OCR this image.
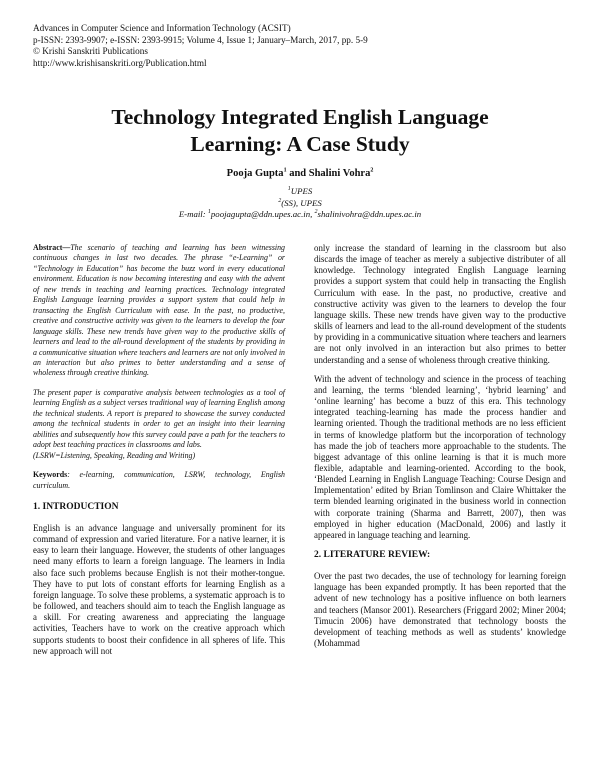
Advances in Computer Science and Information Technology (ACSIT)
p-ISSN: 2393-9907; e-ISSN: 2393-9915; Volume 4, Issue 1; January–March, 2017, pp. 5-9
© Krishi Sanskriti Publications
http://www.krishisanskriti.org/Publication.html
Technology Integrated English Language
Learning: A Case Study
Pooja Gupta$^1$ and Shalini Vohra$^2$
$^1$UPES
$^2$(SS), UPES
E-mail: $^1$poojagupta@ddn.upes.ac.in, $^2$shalinivohra@ddn.upes.ac.in

Abstract—The scenario of teaching and learning has been witnessing continuous changes in last two decades. The phrase “e-Learning” or “Technology in Education” has become the buzz word in every educational environment. Education is now becoming interesting and easy with the advent of new trends in teaching and learning practices. Technology integrated English Language learning provides a support system that could help in transacting the English Curriculum with ease. In the past, no productive, creative and constructive activity was given to the learners to develop the four language skills. These new trends have given way to the productive skills of learners and lead to the all-round development of the students by providing in a communicative situation where teachers and learners are not only involved in an interaction but also primes to better understanding and a sense of wholeness through creative thinking.

The present paper is comparative analysis between technologies as a tool of learning English as a subject verses traditional way of learning English among the technical students. A report is prepared to showcase the survey conducted among the technical students in order to get an insight into their learning abilities and subsequently how this survey could pave a path for the teachers to adopt best teaching practices in classrooms and labs.

(LSRW=Listening, Speaking, Reading and Writing)

Keywords: e-learning, communication, LSRW, technology, English curriculum.

1. INTRODUCTION

English is an advance language and universally prominent for its command of expression and varied literature. For a native learner, it is easy to learn their language. However, the students of other languages need many efforts to learn a foreign language. The learners in India also face such problems because English is not their mother-tongue. They have to put lots of constant efforts for learning English as a foreign language. To solve these problems, a systematic approach is to be followed, and teachers should aim to teach the English language as a skill. For creating awareness and appreciating the language activities, Teachers have to work on the creative approach which supports students to boost their confidence in all spheres of life. This new approach will not

only increase the standard of learning in the classroom but also discards the image of teacher as merely a subjective distributer of all knowledge. Technology integrated English Language learning provides a support system that could help in transacting the English Curriculum with ease. In the past, no productive, creative and constructive activity was given to the learners to develop the four language skills. These new trends have given way to the productive skills of learners and lead to the all-round development of the students by providing in a communicative situation where teachers and learners are not only involved in an interaction but also primes to better understanding and a sense of wholeness through creative thinking.

With the advent of technology and science in the process of teaching and learning, the terms ‘blended learning’, ‘hybrid learning’ and ‘online learning’ has become a buzz of this era. This technology integrated teaching-learning has made the process handier and learning oriented. Though the traditional methods are no less efficient in terms of knowledge platform but the incorporation of technology has made the job of teachers more approachable to the students. The biggest advantage of this online learning is that it is much more flexible, adaptable and learning-oriented. According to the book, ‘Blended Learning in English Language Teaching: Course Design and Implementation’ edited by Brian Tomlinson and Claire Whittaker the term blended learning originated in the business world in connection with corporate training (Sharma and Barrett, 2007), then was employed in higher education (MacDonald, 2006) and lastly it appeared in language teaching and learning.

2. LITERATURE REVIEW:

Over the past two decades, the use of technology for learning foreign language has been expanded promptly. It has been reported that the advent of new technology has a positive influence on both learners and teachers (Mansor 2001). Researchers (Friggard 2002; Miner 2004; Timucin 2006) have demonstrated that technology boosts the development of teaching methods as well as students’ knowledge (Mohammad
